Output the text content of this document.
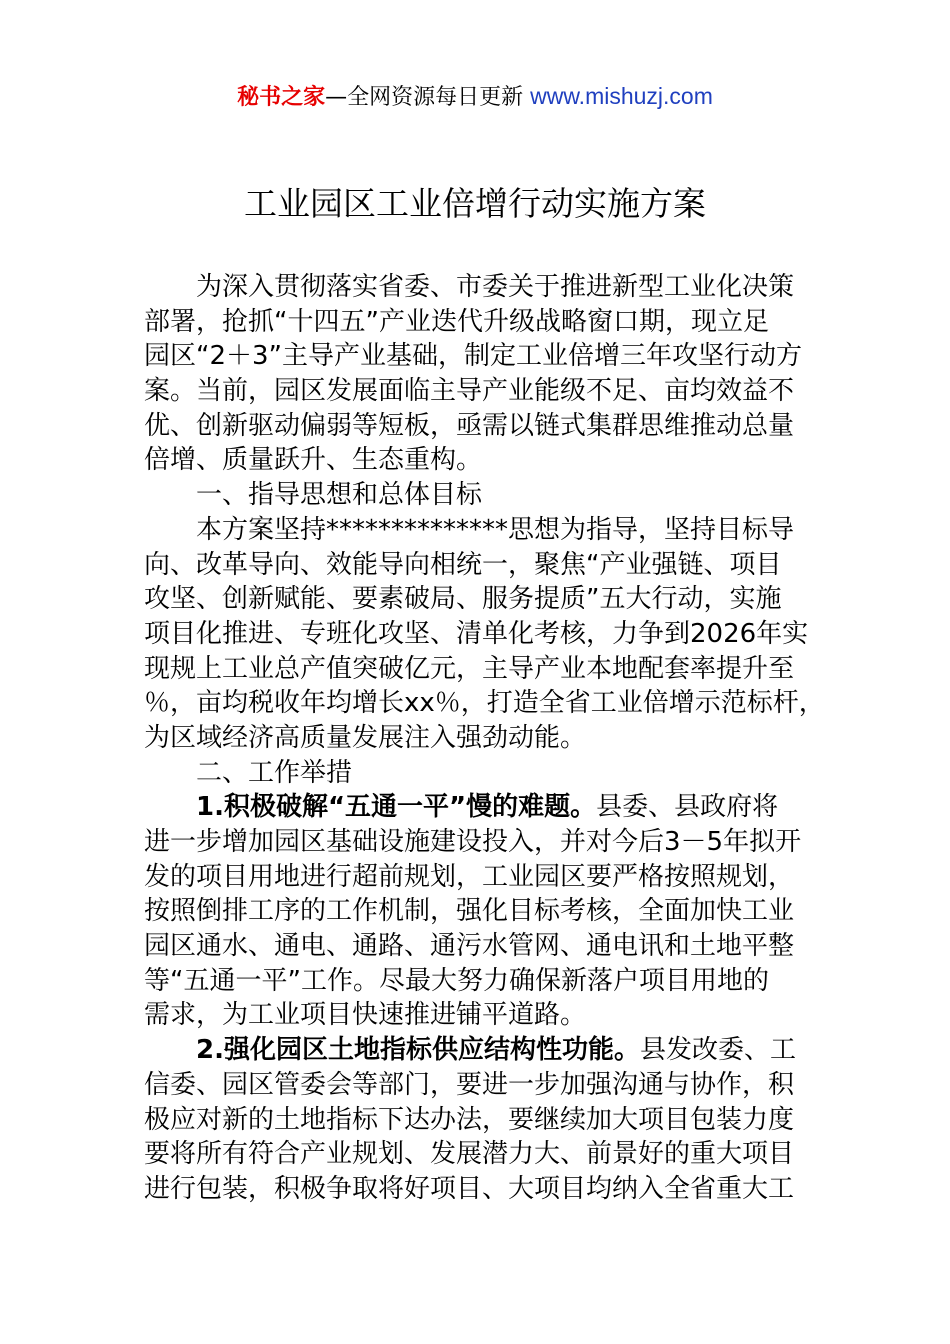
秘书之家—全网资源每日更新 www.mishuzj.com
工业园区工业倍增行动实施方案
　　为深入贯彻落实省委、市委关于推进新型工业化决策
部署，抢抓“十四五”产业迭代升级战略窗口期，现立足
园区“2＋3”主导产业基础，制定工业倍增三年攻坚行动方
案。当前，园区发展面临主导产业能级不足、亩均效益不
优、创新驱动偏弱等短板，亟需以链式集群思维推动总量
倍增、质量跃升、生态重构。
　　一、指导思想和总体目标
　　本方案坚持**************思想为指导，坚持目标导
向、改革导向、效能导向相统一，聚焦“产业强链、项目
攻坚、创新赋能、要素破局、服务提质”五大行动，实施
项目化推进、专班化攻坚、清单化考核，力争到2026年实
现规上工业总产值突破亿元，主导产业本地配套率提升至
％，亩均税收年均增长xx％，打造全省工业倍增示范标杆，
为区域经济高质量发展注入强劲动能。
　　二、工作举措
　　1.积极破解“五通一平”慢的难题。县委、县政府将
进一步增加园区基础设施建设投入，并对今后3－5年拟开
发的项目用地进行超前规划，工业园区要严格按照规划，
按照倒排工序的工作机制，强化目标考核，全面加快工业
园区通水、通电、通路、通污水管网、通电讯和土地平整
等“五通一平”工作。尽最大努力确保新落户项目用地的
需求，为工业项目快速推进铺平道路。
　　2.强化园区土地指标供应结构性功能。县发改委、工
信委、园区管委会等部门，要进一步加强沟通与协作，积
极应对新的土地指标下达办法，要继续加大项目包装力度
要将所有符合产业规划、发展潜力大、前景好的重大项目
进行包装，积极争取将好项目、大项目均纳入全省重大工
